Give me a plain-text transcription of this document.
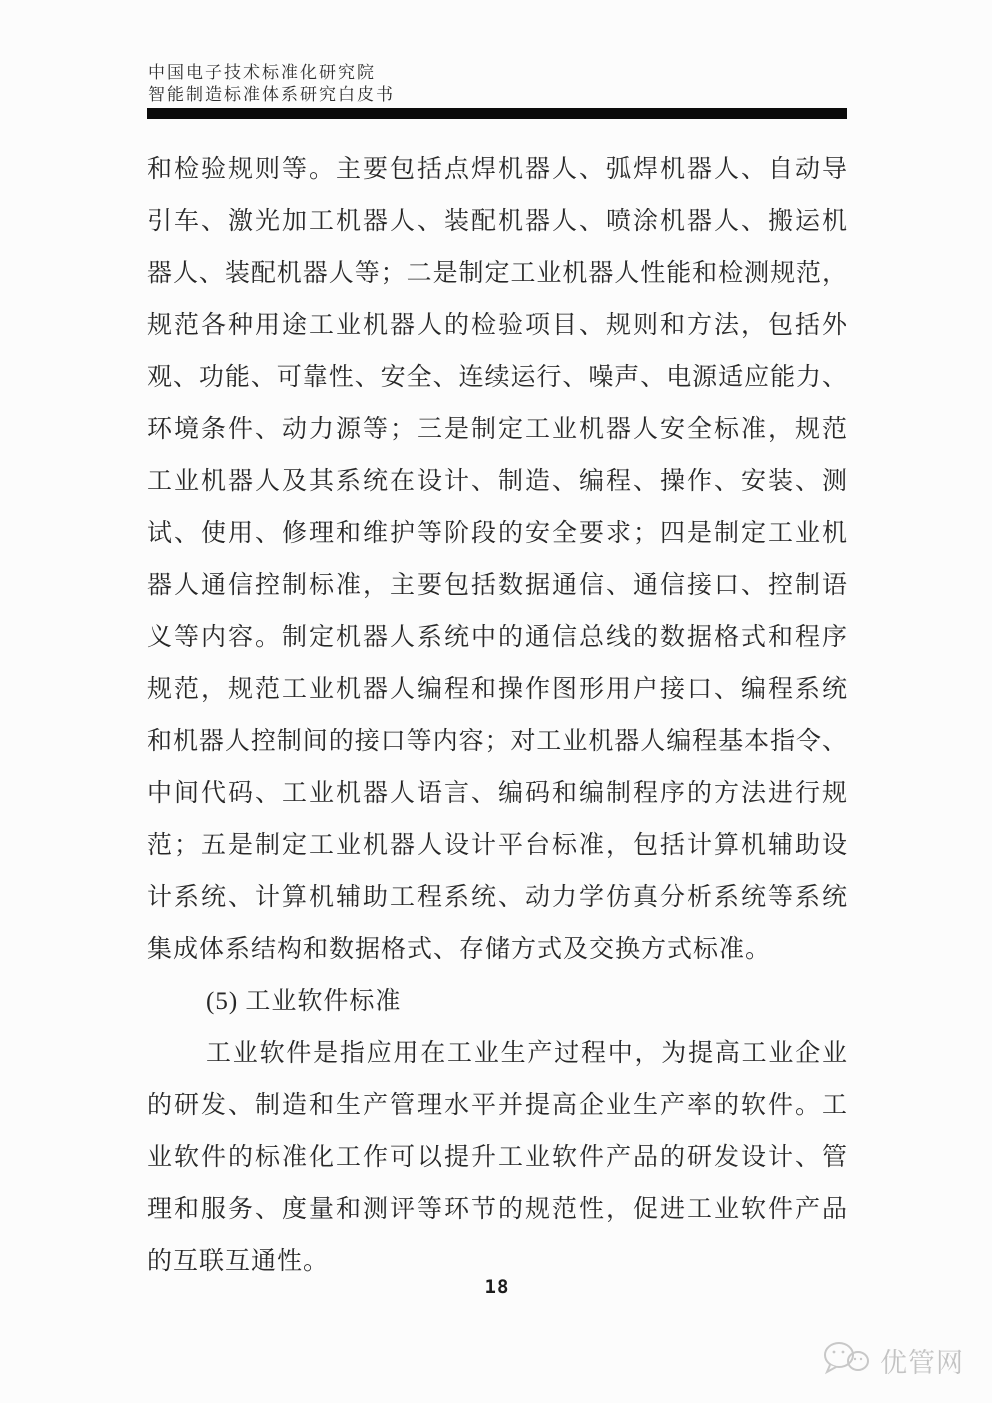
中国电子技术标准化研究院
智能制造标准体系研究白皮书
和检验规则等。主要包括点焊机器人、弧焊机器人、自动导
引车、激光加工机器人、装配机器人、喷涂机器人、搬运机
器人、装配机器人等；二是制定工业机器人性能和检测规范，
规范各种用途工业机器人的检验项目、规则和方法，包括外
观、功能、可靠性、安全、连续运行、噪声、电源适应能力、
环境条件、动力源等；三是制定工业机器人安全标准，规范
工业机器人及其系统在设计、制造、编程、操作、安装、测
试、使用、修理和维护等阶段的安全要求；四是制定工业机
器人通信控制标准，主要包括数据通信、通信接口、控制语
义等内容。制定机器人系统中的通信总线的数据格式和程序
规范，规范工业机器人编程和操作图形用户接口、编程系统
和机器人控制间的接口等内容；对工业机器人编程基本指令、
中间代码、工业机器人语言、编码和编制程序的方法进行规
范；五是制定工业机器人设计平台标准，包括计算机辅助设
计系统、计算机辅助工程系统、动力学仿真分析系统等系统
集成体系结构和数据格式、存储方式及交换方式标准。
(5) 工业软件标准
工业软件是指应用在工业生产过程中，为提高工业企业
的研发、制造和生产管理水平并提高企业生产率的软件。工
业软件的标准化工作可以提升工业软件产品的研发设计、管
理和服务、度量和测评等环节的规范性，促进工业软件产品
的互联互通性。
18
优管网
